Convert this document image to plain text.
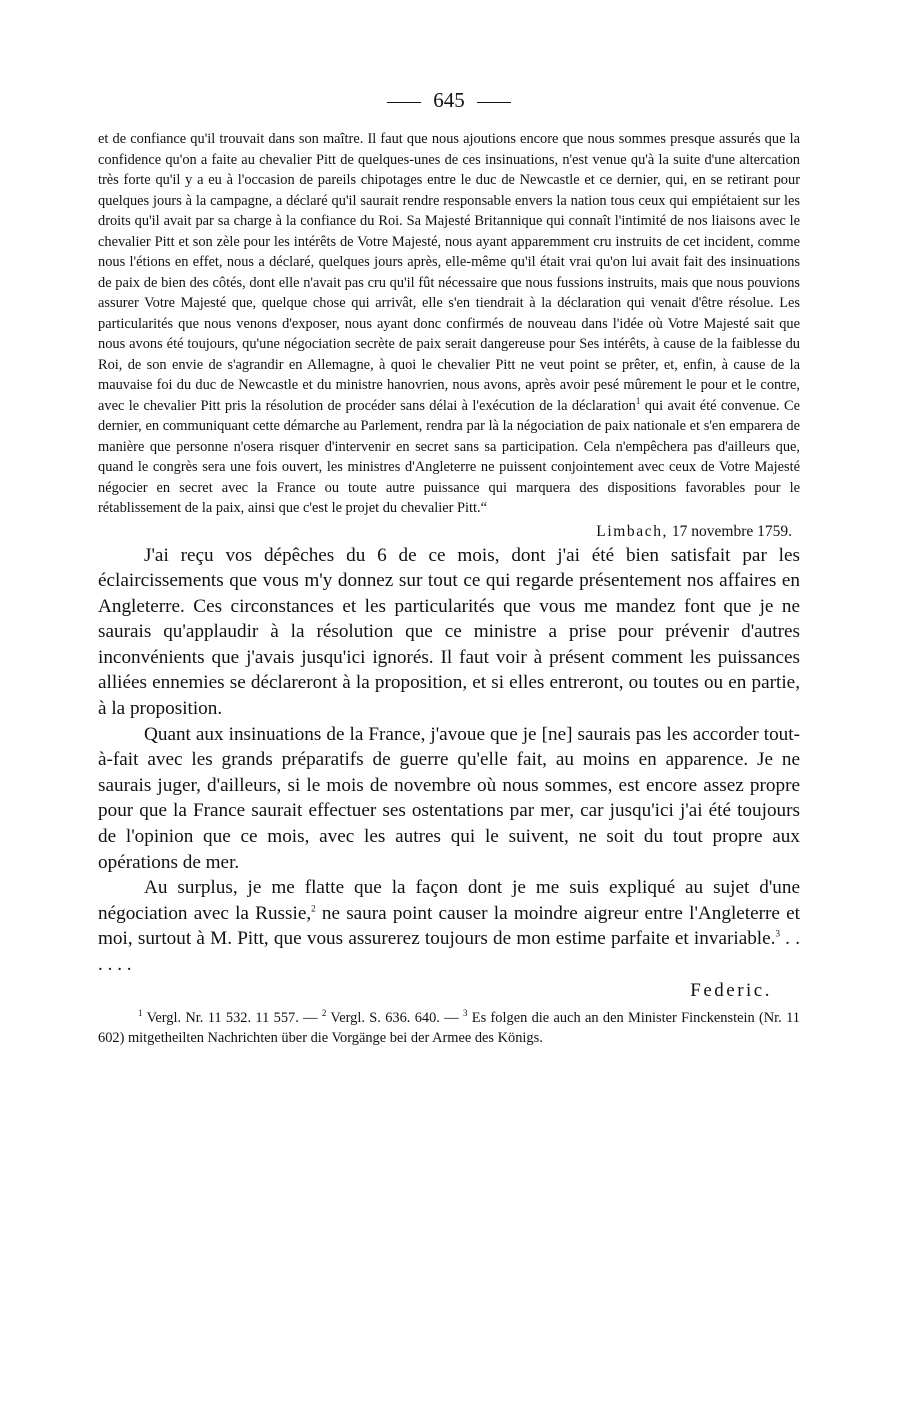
645

et de confiance qu'il trouvait dans son maître. Il faut que nous ajoutions encore que nous sommes presque assurés que la confidence qu'on a faite au chevalier Pitt de quelques-unes de ces insinuations, n'est venue qu'à la suite d'une altercation très forte qu'il y a eu à l'occasion de pareils chipotages entre le duc de Newcastle et ce dernier, qui, en se retirant pour quelques jours à la campagne, a déclaré qu'il saurait rendre responsable envers la nation tous ceux qui empiétaient sur les droits qu'il avait par sa charge à la confiance du Roi. Sa Majesté Britannique qui connaît l'intimité de nos liaisons avec le chevalier Pitt et son zèle pour les intérêts de Votre Majesté, nous ayant apparemment cru instruits de cet incident, comme nous l'étions en effet, nous a déclaré, quelques jours après, elle-même qu'il était vrai qu'on lui avait fait des insinuations de paix de bien des côtés, dont elle n'avait pas cru qu'il fût nécessaire que nous fussions instruits, mais que nous pouvions assurer Votre Majesté que, quelque chose qui arrivât, elle s'en tiendrait à la déclaration qui venait d'être résolue. Les particularités que nous venons d'exposer, nous ayant donc confirmés de nouveau dans l'idée où Votre Majesté sait que nous avons été toujours, qu'une négociation secrète de paix serait dangereuse pour Ses intérêts, à cause de la faiblesse du Roi, de son envie de s'agrandir en Allemagne, à quoi le chevalier Pitt ne veut point se prêter, et, enfin, à cause de la mauvaise foi du duc de Newcastle et du ministre hanovrien, nous avons, après avoir pesé mûrement le pour et le contre, avec le chevalier Pitt pris la résolution de procéder sans délai à l'exécution de la déclaration$^1$ qui avait été convenue. Ce dernier, en communiquant cette démarche au Parlement, rendra par là la négociation de paix nationale et s'en emparera de manière que personne n'osera risquer d'intervenir en secret sans sa participation. Cela n'empêchera pas d'ailleurs que, quand le congrès sera une fois ouvert, les ministres d'Angleterre ne puissent conjointement avec ceux de Votre Majesté négocier en secret avec la France ou toute autre puissance qui marquera des dispositions favorables pour le rétablissement de la paix, ainsi que c'est le projet du chevalier Pitt.“

Limbach, 17 novembre 1759.

J'ai reçu vos dépêches du 6 de ce mois, dont j'ai été bien satisfait par les éclaircissements que vous m'y donnez sur tout ce qui regarde présentement nos affaires en Angleterre. Ces circonstances et les particularités que vous me mandez font que je ne saurais qu'applaudir à la résolution que ce ministre a prise pour prévenir d'autres inconvénients que j'avais jusqu'ici ignorés. Il faut voir à présent comment les puissances alliées ennemies se déclareront à la proposition, et si elles entreront, ou toutes ou en partie, à la proposition.

Quant aux insinuations de la France, j'avoue que je [ne] saurais pas les accorder tout-à-fait avec les grands préparatifs de guerre qu'elle fait, au moins en apparence. Je ne saurais juger, d'ailleurs, si le mois de novembre où nous sommes, est encore assez propre pour que la France saurait effectuer ses ostentations par mer, car jusqu'ici j'ai été toujours de l'opinion que ce mois, avec les autres qui le suivent, ne soit du tout propre aux opérations de mer.

Au surplus, je me flatte que la façon dont je me suis expliqué au sujet d'une négociation avec la Russie,$^2$ ne saura point causer la moindre aigreur entre l'Angleterre et moi, surtout à M. Pitt, que vous assurerez toujours de mon estime parfaite et invariable.$^3$ . . . . . .

Federic.

$^1$ Vergl. Nr. 11 532. 11 557. — $^2$ Vergl. S. 636. 640. — $^3$ Es folgen die auch an den Minister Finckenstein (Nr. 11 602) mitgetheilten Nachrichten über die Vorgänge bei der Armee des Königs.
